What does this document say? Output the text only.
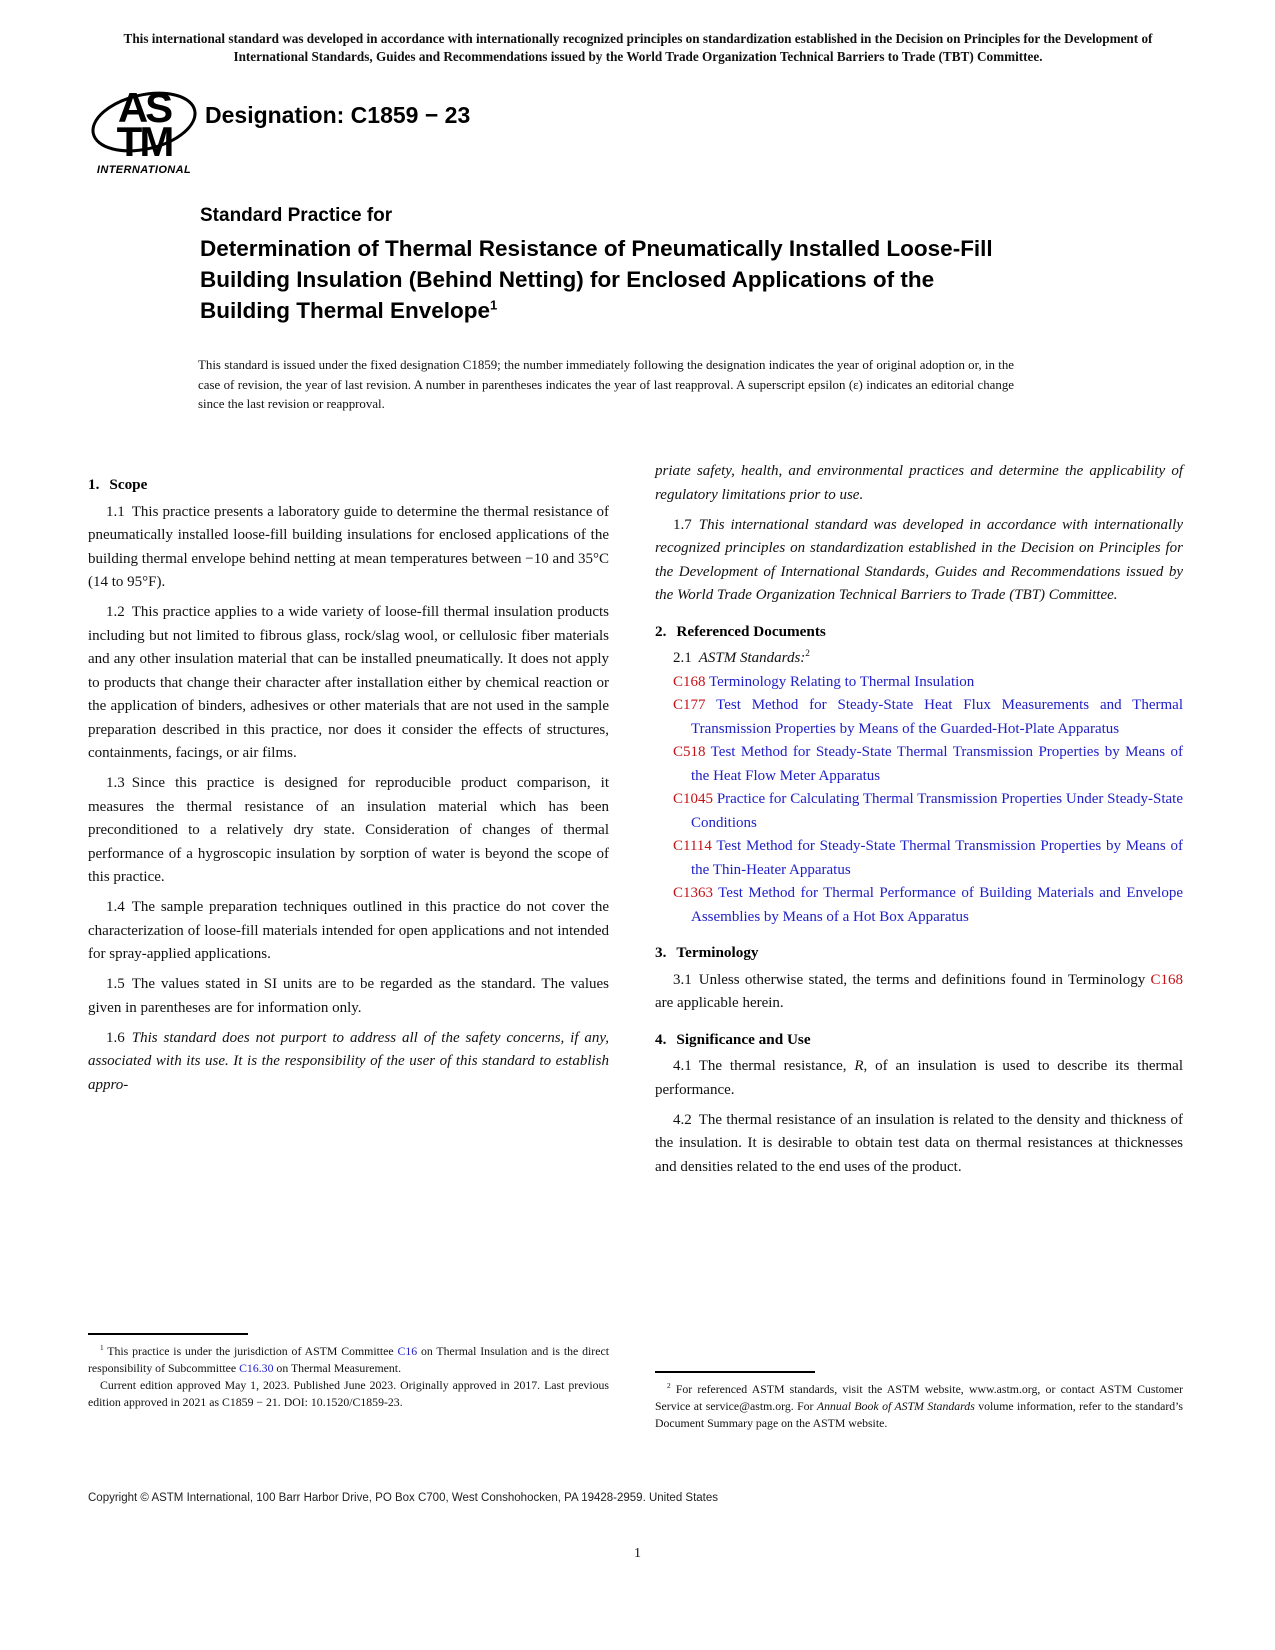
This international standard was developed in accordance with internationally recognized principles on standardization established in the Decision on Principles for the Development of International Standards, Guides and Recommendations issued by the World Trade Organization Technical Barriers to Trade (TBT) Committee.
AS
TM
INTERNATIONAL
Designation: C1859 − 23
Standard Practice for
Determination of Thermal Resistance of Pneumatically Installed Loose-Fill Building Insulation (Behind Netting) for Enclosed Applications of the Building Thermal Envelope$^1$
This standard is issued under the fixed designation C1859; the number immediately following the designation indicates the year of original adoption or, in the case of revision, the year of last revision. A number in parentheses indicates the year of last reapproval. A superscript epsilon (ε) indicates an editorial change since the last revision or reapproval.
1. Scope

1.1 This practice presents a laboratory guide to determine the thermal resistance of pneumatically installed loose-fill building insulations for enclosed applications of the building thermal envelope behind netting at mean temperatures between −10 and 35°C (14 to 95°F).

1.2 This practice applies to a wide variety of loose-fill thermal insulation products including but not limited to fibrous glass, rock/slag wool, or cellulosic fiber materials and any other insulation material that can be installed pneumatically. It does not apply to products that change their character after installation either by chemical reaction or the application of binders, adhesives or other materials that are not used in the sample preparation described in this practice, nor does it consider the effects of structures, containments, facings, or air films.

1.3 Since this practice is designed for reproducible product comparison, it measures the thermal resistance of an insulation material which has been preconditioned to a relatively dry state. Consideration of changes of thermal performance of a hygroscopic insulation by sorption of water is beyond the scope of this practice.

1.4 The sample preparation techniques outlined in this practice do not cover the characterization of loose-fill materials intended for open applications and not intended for spray-applied applications.

1.5 The values stated in SI units are to be regarded as the standard. The values given in parentheses are for information only.

1.6 This standard does not purport to address all of the safety concerns, if any, associated with its use. It is the responsibility of the user of this standard to establish appro-

priate safety, health, and environmental practices and determine the applicability of regulatory limitations prior to use.

1.7 This international standard was developed in accordance with internationally recognized principles on standardization established in the Decision on Principles for the Development of International Standards, Guides and Recommendations issued by the World Trade Organization Technical Barriers to Trade (TBT) Committee.

2. Referenced Documents

2.1 ASTM Standards:$^2$

C168 Terminology Relating to Thermal Insulation

C177 Test Method for Steady-State Heat Flux Measurements and Thermal Transmission Properties by Means of the Guarded-Hot-Plate Apparatus

C518 Test Method for Steady-State Thermal Transmission Properties by Means of the Heat Flow Meter Apparatus

C1045 Practice for Calculating Thermal Transmission Properties Under Steady-State Conditions

C1114 Test Method for Steady-State Thermal Transmission Properties by Means of the Thin-Heater Apparatus

C1363 Test Method for Thermal Performance of Building Materials and Envelope Assemblies by Means of a Hot Box Apparatus

3. Terminology

3.1 Unless otherwise stated, the terms and definitions found in Terminology C168 are applicable herein.

4. Significance and Use

4.1 The thermal resistance, R, of an insulation is used to describe its thermal performance.

4.2 The thermal resistance of an insulation is related to the density and thickness of the insulation. It is desirable to obtain test data on thermal resistances at thicknesses and densities related to the end uses of the product.

$^1$ This practice is under the jurisdiction of ASTM Committee C16 on Thermal Insulation and is the direct responsibility of Subcommittee C16.30 on Thermal Measurement.

Current edition approved May 1, 2023. Published June 2023. Originally approved in 2017. Last previous edition approved in 2021 as C1859 − 21. DOI: 10.1520/C1859-23.

$^2$ For referenced ASTM standards, visit the ASTM website, www.astm.org, or contact ASTM Customer Service at service@astm.org. For Annual Book of ASTM Standards volume information, refer to the standard’s Document Summary page on the ASTM website.

Copyright © ASTM International, 100 Barr Harbor Drive, PO Box C700, West Conshohocken, PA 19428-2959. United States
1
